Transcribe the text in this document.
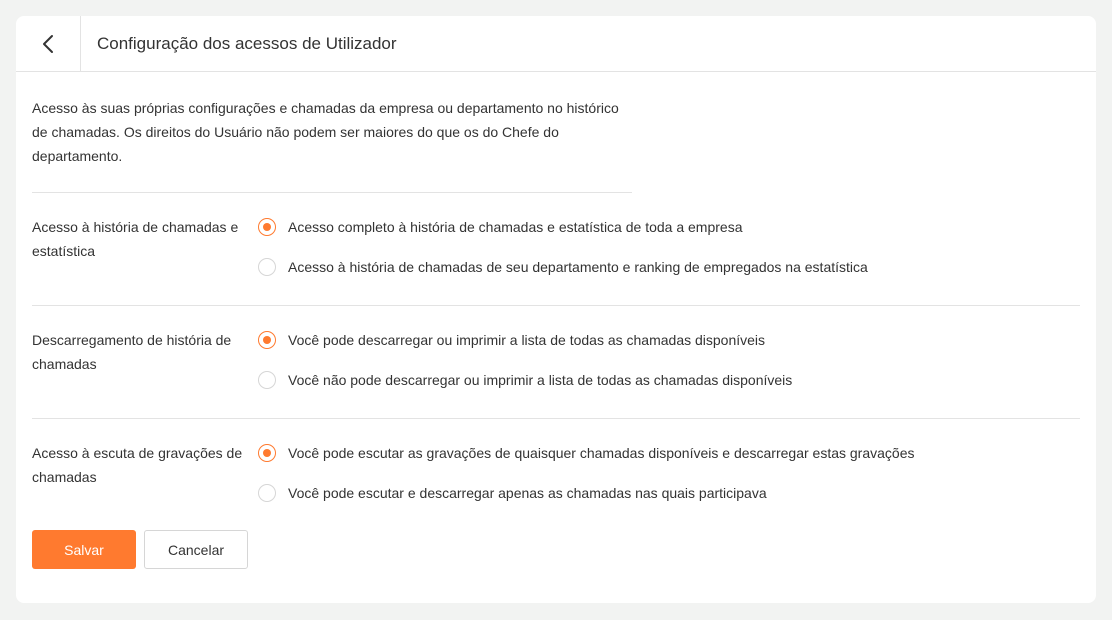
Configuração dos acessos de Utilizador

Acesso às suas próprias configurações e chamadas da empresa ou departamento no histórico de chamadas. Os direitos do Usuário não podem ser maiores do que os do Chefe do departamento.

Acesso à história de chamadas e estatística
Acesso completo à história de chamadas e estatística de toda a empresa
Acesso à história de chamadas de seu departamento e ranking de empregados na estatística
Descarregamento de história de chamadas
Você pode descarregar ou imprimir a lista de todas as chamadas disponíveis
Você não pode descarregar ou imprimir a lista de todas as chamadas disponíveis
Acesso à escuta de gravações de chamadas
Você pode escutar as gravações de quaisquer chamadas disponíveis e descarregar estas gravações
Você pode escutar e descarregar apenas as chamadas nas quais participava
Salvar	Cancelar
